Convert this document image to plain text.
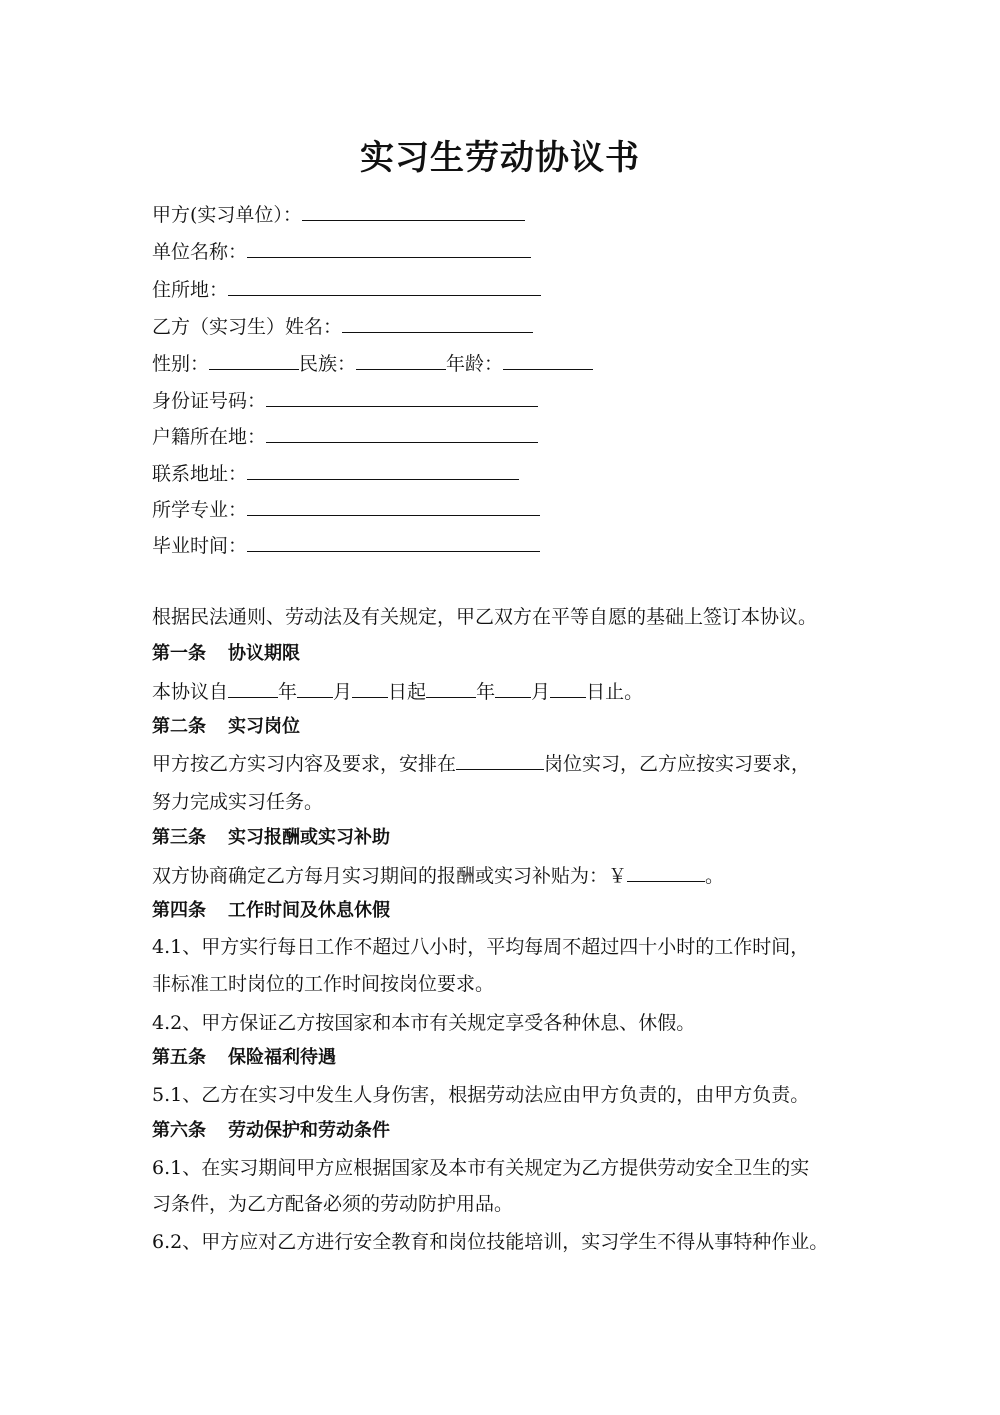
实习生劳动协议书
甲方(实习单位）：
单位名称：
住所地：
乙方（实习生）姓名：
性别：	民族：	年龄：
身份证号码：
户籍所在地：
联系地址：
所学专业：
毕业时间：
根据民法通则、劳动法及有关规定，甲乙双方在平等自愿的基础上签订本协议。
第一条 协议期限
本协议自	年 月 日起	年 月 日止。
第二条 实习岗位
甲方按乙方实习内容及要求，安排在	岗位实习，乙方应按实习要求，
努力完成实习任务。
第三条 实习报酬或实习补助
双方协商确定乙方每月实习期间的报酬或实习补贴为：￥	。
第四条 工作时间及休息休假
4.1、甲方实行每日工作不超过八小时，平均每周不超过四十小时的工作时间，
非标准工时岗位的工作时间按岗位要求。
4.2、甲方保证乙方按国家和本市有关规定享受各种休息、休假。
第五条 保险福利待遇
5.1、乙方在实习中发生人身伤害，根据劳动法应由甲方负责的，由甲方负责。
第六条 劳动保护和劳动条件
6.1、在实习期间甲方应根据国家及本市有关规定为乙方提供劳动安全卫生的实
习条件，为乙方配备必须的劳动防护用品。
6.2、甲方应对乙方进行安全教育和岗位技能培训，实习学生不得从事特种作业。
